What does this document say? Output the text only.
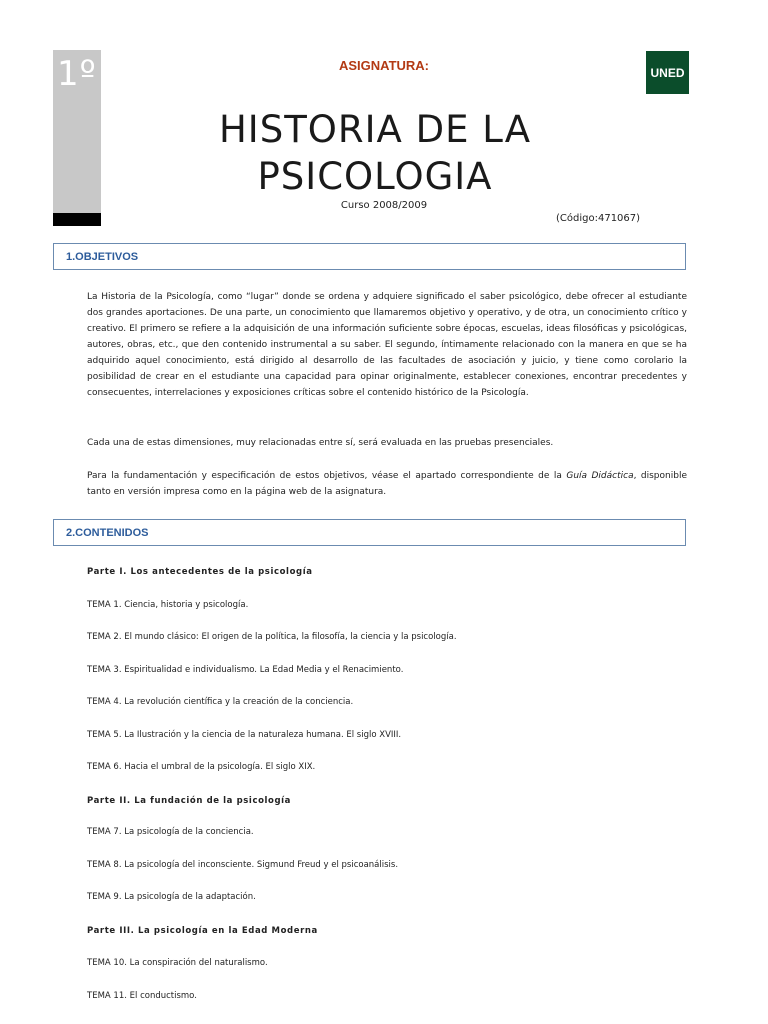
1º	UNED
ASIGNATURA:
HISTORIA DE LA
PSICOLOGIA
Curso 2008/2009
(Código:471067)
1.OBJETIVOS
La Historia de la Psicología, como “lugar” donde se ordena y adquiere significado el saber psicológico, debe ofrecer al estudiante dos grandes aportaciones. De una parte, un conocimiento que llamaremos objetivo y operativo, y de otra, un conocimiento crítico y creativo. El primero se refiere a la adquisición de una información suficiente sobre épocas, escuelas, ideas filosóficas y psicológicas, autores, obras, etc., que den contenido instrumental a su saber. El segundo, íntimamente relacionado con la manera en que se ha adquirido aquel conocimiento, está dirigido al desarrollo de las facultades de asociación y juicio, y tiene como corolario la posibilidad de crear en el estudiante una capacidad para opinar originalmente, establecer conexiones, encontrar precedentes y consecuentes, interrelaciones y exposiciones críticas sobre el contenido histórico de la Psicología.
Cada una de estas dimensiones, muy relacionadas entre sí, será evaluada en las pruebas presenciales.
Para la fundamentación y especificación de estos objetivos, véase el apartado correspondiente de la Guía Didáctica, disponible tanto en versión impresa como en la página web de la asignatura.
2.CONTENIDOS
Parte I. Los antecedentes de la psicología
TEMA 1. Ciencia, historia y psicología.
TEMA 2. El mundo clásico: El origen de la política, la filosofía, la ciencia y la psicología.
TEMA 3. Espiritualidad e individualismo. La Edad Media y el Renacimiento.
TEMA 4. La revolución científica y la creación de la conciencia.
TEMA 5. La Ilustración y la ciencia de la naturaleza humana. El siglo XVIII.
TEMA 6. Hacia el umbral de la psicología. El siglo XIX.
Parte II. La fundación de la psicología
TEMA 7. La psicología de la conciencia.
TEMA 8. La psicología del inconsciente. Sigmund Freud y el psicoanálisis.
TEMA 9. La psicología de la adaptación.
Parte III. La psicología en la Edad Moderna
TEMA 10. La conspiración del naturalismo.
TEMA 11. El conductismo.
